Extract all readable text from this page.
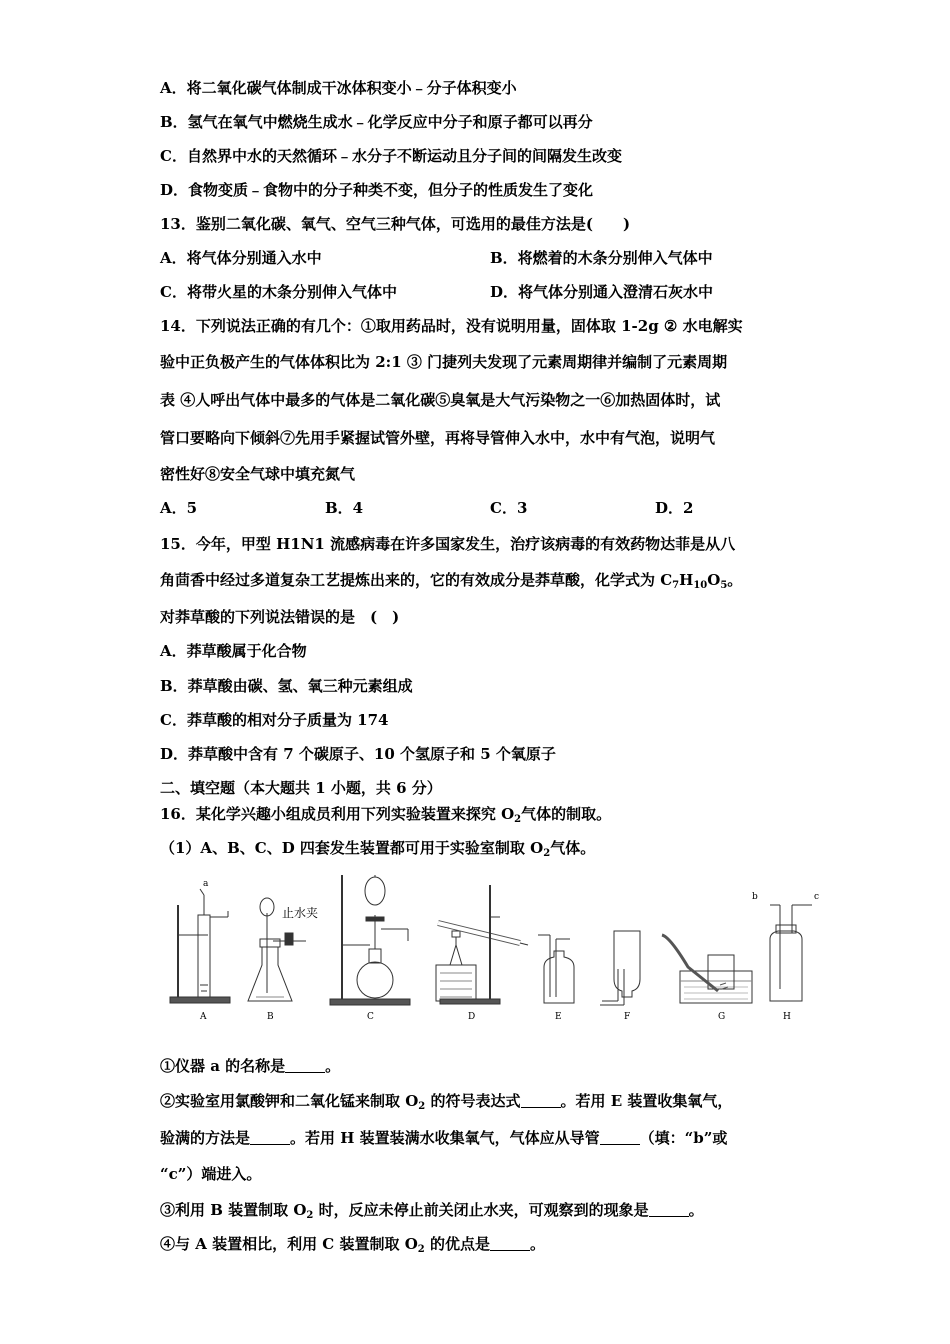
A．将二氧化碳气体制成干冰体积变小﹣分子体积变小
B．氢气在氧气中燃烧生成水﹣化学反应中分子和原子都可以再分
C．自然界中水的天然循环﹣水分子不断运动且分子间的间隔发生改变
D．食物变质﹣食物中的分子种类不变，但分子的性质发生了变化
13．鉴别二氧化碳、氧气、空气三种气体，可选用的最佳方法是(　　)
A．将气体分别通入水中	B．将燃着的木条分别伸入气体中
C．将带火星的木条分别伸入气体中	D．将气体分别通入澄清石灰水中
14．下列说法正确的有几个：①取用药品时，没有说明用量，固体取 1-2g ② 水电解实
验中正负极产生的气体体积比为 2:1 ③ 门捷列夫发现了元素周期律并编制了元素周期
表 ④人呼出气体中最多的气体是二氧化碳⑤臭氧是大气污染物之一⑥加热固体时，试
管口要略向下倾斜⑦先用手紧握试管外壁，再将导管伸入水中，水中有气泡，说明气
密性好⑧安全气球中填充氮气
A．5	B．4	C．3	D．2
15．今年，甲型 H1N1 流感病毒在许多国家发生，治疗该病毒的有效药物达菲是从八
角茴香中经过多道复杂工艺提炼出来的，它的有效成分是莽草酸，化学式为 $C_7H_{10}O_5$。
对莽草酸的下列说法错误的是　(　)
A．莽草酸属于化合物
B．莽草酸由碳、氢、氧三种元素组成
C．莽草酸的相对分子质量为 174
D．莽草酸中含有 7 个碳原子、10 个氢原子和 5 个氧原子
二、填空题（本大题共 1 小题，共 6 分）
16．某化学兴趣小组成员利用下列实验装置来探究 $O_2$气体的制取。
（1）A、B、C、D 四套发生装置都可用于实验室制取 $O_2$气体。
a
止水夹
b	c
A	B	C	D	E	F	G	H
①仪器 a 的名称是	。
②实验室用氯酸钾和二氧化锰来制取 $O_2$ 的符号表达式	。若用 E 装置收集氧气，
验满的方法是	。若用 H 装置装满水收集氧气，气体应从导管	（填：“b”或
“c”）端进入。
③利用 B 装置制取 $O_2$ 时，反应未停止前关闭止水夹，可观察到的现象是	。
④与 A 装置相比，利用 C 装置制取 $O_2$ 的优点是	。
